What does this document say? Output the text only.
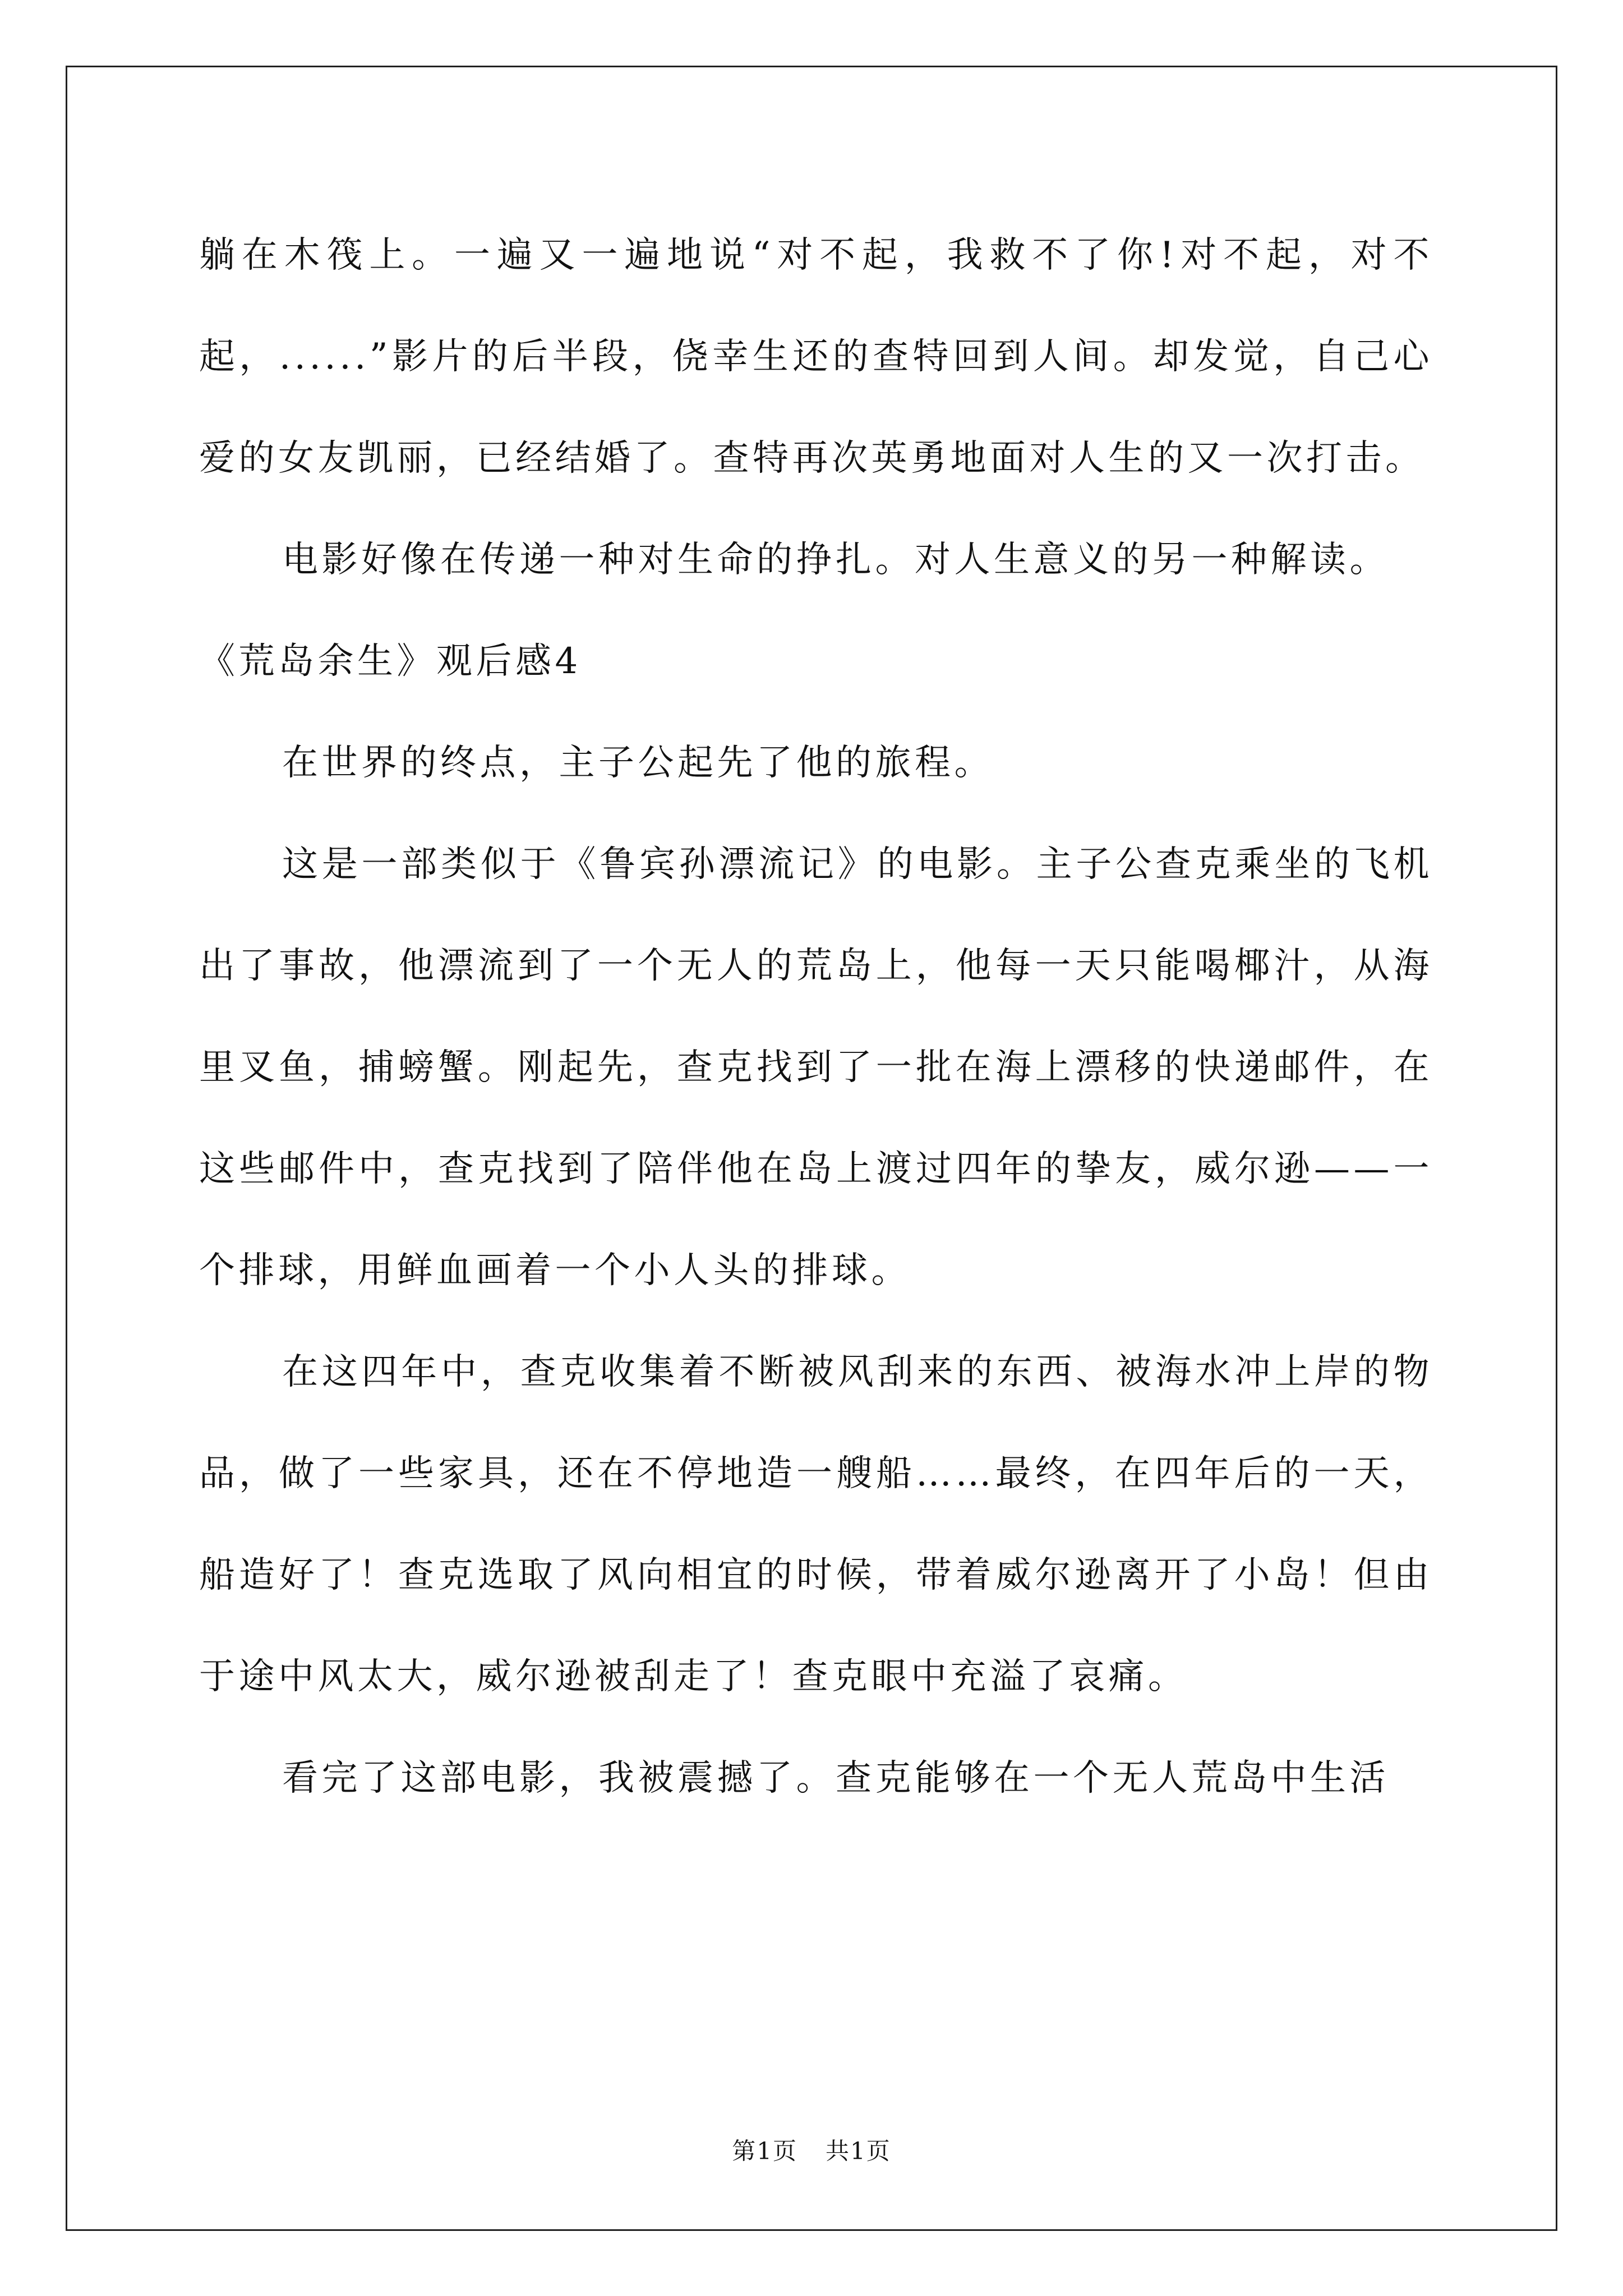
躺在木筏上。一遍又一遍地说“对不起，我救不了你!对不起，对不起，......”影片的后半段，侥幸生还的查特回到人间。却发觉，自己心爱的女友凯丽，已经结婚了。查特再次英勇地面对人生的又一次打击。

电影好像在传递一种对生命的挣扎。对人生意义的另一种解读。

《荒岛余生》观后感4

在世界的终点，主子公起先了他的旅程。

这是一部类似于《鲁宾孙漂流记》的电影。主子公查克乘坐的飞机出了事故，他漂流到了一个无人的荒岛上，他每一天只能喝椰汁，从海里叉鱼，捕螃蟹。刚起先，查克找到了一批在海上漂移的快递邮件，在这些邮件中，查克找到了陪伴他在岛上渡过四年的挚友，威尔逊——一个排球，用鲜血画着一个小人头的排球。

在这四年中，查克收集着不断被风刮来的东西、被海水冲上岸的物品，做了一些家具，还在不停地造一艘船……最终，在四年后的一天，船造好了！查克选取了风向相宜的时候，带着威尔逊离开了小岛！但由于途中风太大，威尔逊被刮走了！查克眼中充溢了哀痛。

看完了这部电影，我被震撼了。查克能够在一个无人荒岛中生活

第1页 共1页
